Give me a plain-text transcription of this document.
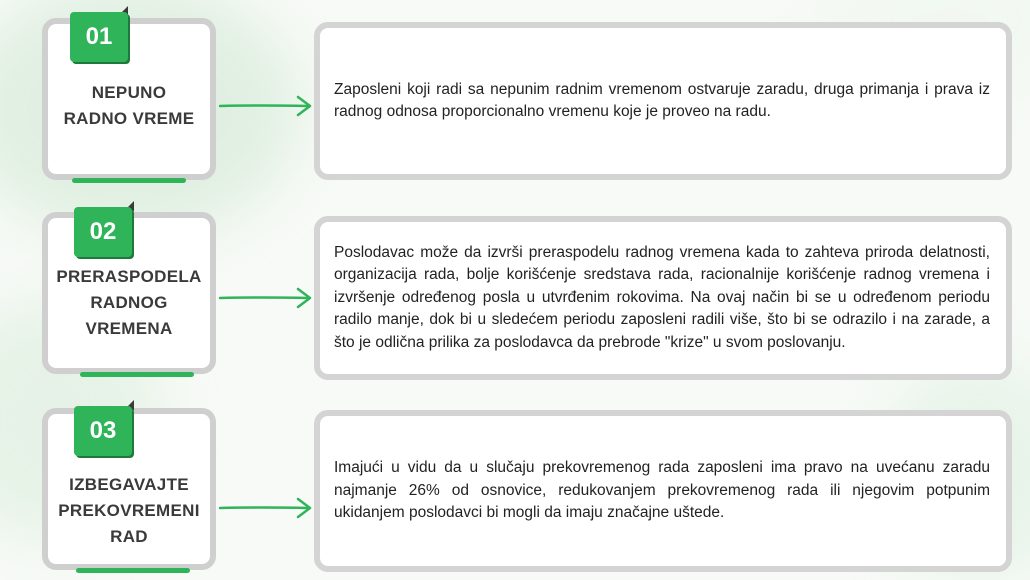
NEPUNO
RADNO VREME
01
Zaposleni koji radi sa nepunim radnim vremenom ostvaruje zaradu, druga primanja i prava iz radnog odnosa proporcionalno vremenu koje je proveo na radu.
PRERASPODELA
RADNOG
VREMENA
02
Poslodavac može da izvrši preraspodelu radnog vremena kada to zahteva priroda delatnosti, organizacija rada, bolje korišćenje sredstava rada, racionalnije korišćenje radnog vremena i izvršenje određenog posla u utvrđenim rokovima. Na ovaj način bi se u određenom periodu radilo manje, dok bi u sledećem periodu zaposleni radili više, što bi se odrazilo i na zarade, a što je odlična prilika za poslodavca da prebrode "krize" u svom poslovanju.
IZBEGAVAJTE
PREKOVREMENI
RAD
03
Imajući u vidu da u slučaju prekovremenog rada zaposleni ima pravo na uvećanu zaradu najmanje 26% od osnovice, redukovanjem prekovremenog rada ili njegovim potpunim ukidanjem poslodavci bi mogli da imaju značajne uštede.
